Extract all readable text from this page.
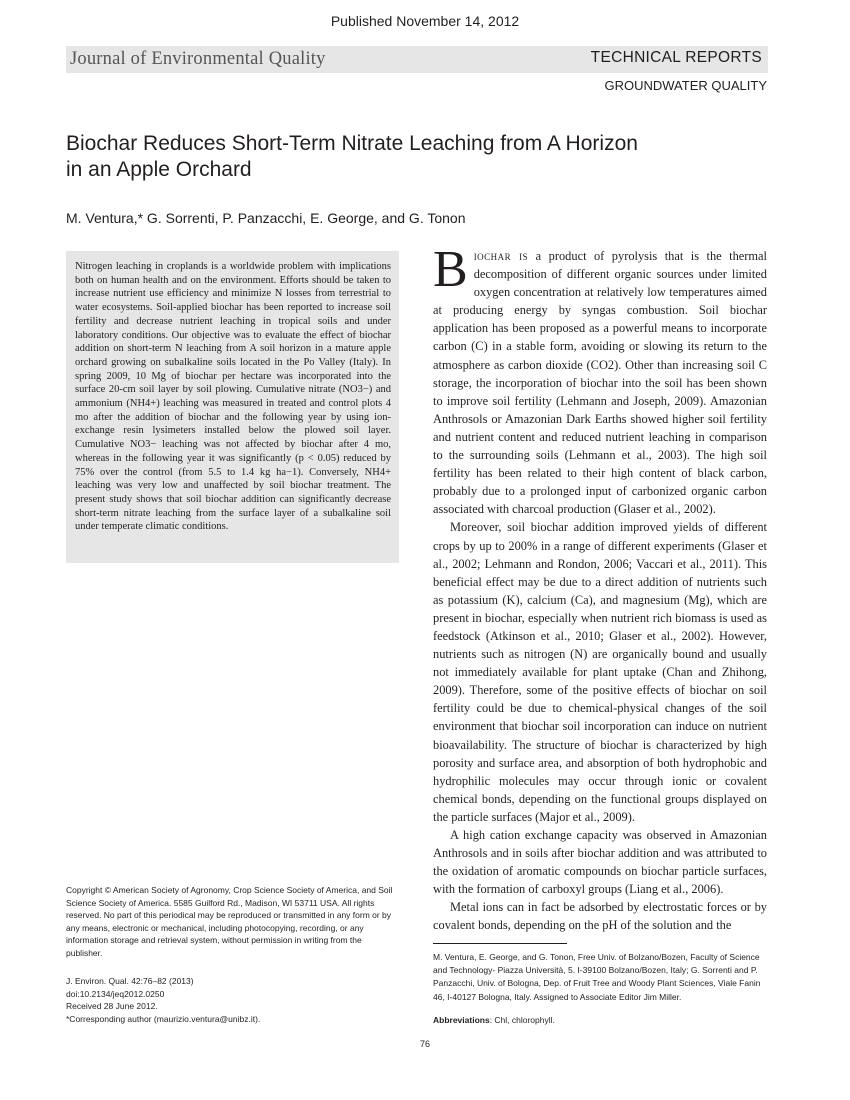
Published November 14, 2012
Journal of Environmental Quality	TECHNICAL REPORTS
GROUNDWATER QUALITY
Biochar Reduces Short-Term Nitrate Leaching from A Horizon
in an Apple Orchard
M. Ventura,* G. Sorrenti, P. Panzacchi, E. George, and G. Tonon
Nitrogen leaching in croplands is a worldwide problem with implications both on human health and on the environment. Efforts should be taken to increase nutrient use efficiency and minimize N losses from terrestrial to water ecosystems. Soil-applied biochar has been reported to increase soil fertility and decrease nutrient leaching in tropical soils and under laboratory conditions. Our objective was to evaluate the effect of biochar addition on short-term N leaching from A soil horizon in a mature apple orchard growing on subalkaline soils located in the Po Valley (Italy). In spring 2009, 10 Mg of biochar per hectare was incorporated into the surface 20-cm soil layer by soil plowing. Cumulative nitrate (NO3−) and ammonium (NH4+) leaching was measured in treated and control plots 4 mo after the addition of biochar and the following year by using ion-exchange resin lysimeters installed below the plowed soil layer. Cumulative NO3− leaching was not affected by biochar after 4 mo, whereas in the following year it was significantly (p < 0.05) reduced by 75% over the control (from 5.5 to 1.4 kg ha−1). Conversely, NH4+ leaching was very low and unaffected by soil biochar treatment. The present study shows that soil biochar addition can significantly decrease short-term nitrate leaching from the surface layer of a subalkaline soil under temperate climatic conditions.
Copyright © American Society of Agronomy, Crop Science Society of America, and Soil Science Society of America. 5585 Guilford Rd., Madison, WI 53711 USA. All rights reserved. No part of this periodical may be reproduced or transmitted in any form or by any means, electronic or mechanical, including photocopying, recording, or any information storage and retrieval system, without permission in writing from the publisher.
J. Environ. Qual. 42:76–82 (2013)
doi:10.2134/jeq2012.0250
Received 28 June 2012.
*Corresponding author (maurizio.ventura@unibz.it).

Biochar is a product of pyrolysis that is the thermal decomposition of different organic sources under limited oxygen concentration at relatively low temperatures aimed at producing energy by syngas combustion. Soil biochar application has been proposed as a powerful means to incorporate carbon (C) in a stable form, avoiding or slowing its return to the atmosphere as carbon dioxide (CO2). Other than increasing soil C storage, the incorporation of biochar into the soil has been shown to improve soil fertility (Lehmann and Joseph, 2009). Amazonian Anthrosols or Amazonian Dark Earths showed higher soil fertility and nutrient content and reduced nutrient leaching in comparison to the surrounding soils (Lehmann et al., 2003). The high soil fertility has been related to their high content of black carbon, probably due to a prolonged input of carbonized organic carbon associated with charcoal production (Glaser et al., 2002).

Moreover, soil biochar addition improved yields of different crops by up to 200% in a range of different experiments (Glaser et al., 2002; Lehmann and Rondon, 2006; Vaccari et al., 2011). This beneficial effect may be due to a direct addition of nutrients such as potassium (K), calcium (Ca), and magnesium (Mg), which are present in biochar, especially when nutrient rich biomass is used as feedstock (Atkinson et al., 2010; Glaser et al., 2002). However, nutrients such as nitrogen (N) are organically bound and usually not immediately available for plant uptake (Chan and Zhihong, 2009). Therefore, some of the positive effects of biochar on soil fertility could be due to chemical-physical changes of the soil environment that biochar soil incorporation can induce on nutrient bioavailability. The structure of biochar is characterized by high porosity and surface area, and absorption of both hydrophobic and hydrophilic molecules may occur through ionic or covalent chemical bonds, depending on the functional groups displayed on the particle surfaces (Major et al., 2009).

A high cation exchange capacity was observed in Amazonian Anthrosols and in soils after biochar addition and was attributed to the oxidation of aromatic compounds on biochar particle surfaces, with the formation of carboxyl groups (Liang et al., 2006).

Metal ions can in fact be adsorbed by electrostatic forces or by covalent bonds, depending on the pH of the solution and the

M. Ventura, E. George, and G. Tonon, Free Univ. of Bolzano/Bozen, Faculty of Science and Technology- Piazza Università, 5. I-39100 Bolzano/Bozen, Italy; G. Sorrenti and P. Panzacchi, Univ. of Bologna, Dep. of Fruit Tree and Woody Plant Sciences, Viale Fanin 46, I-40127 Bologna, Italy. Assigned to Associate Editor Jim Miller.
Abbreviations: Chl, chlorophyll.
76
